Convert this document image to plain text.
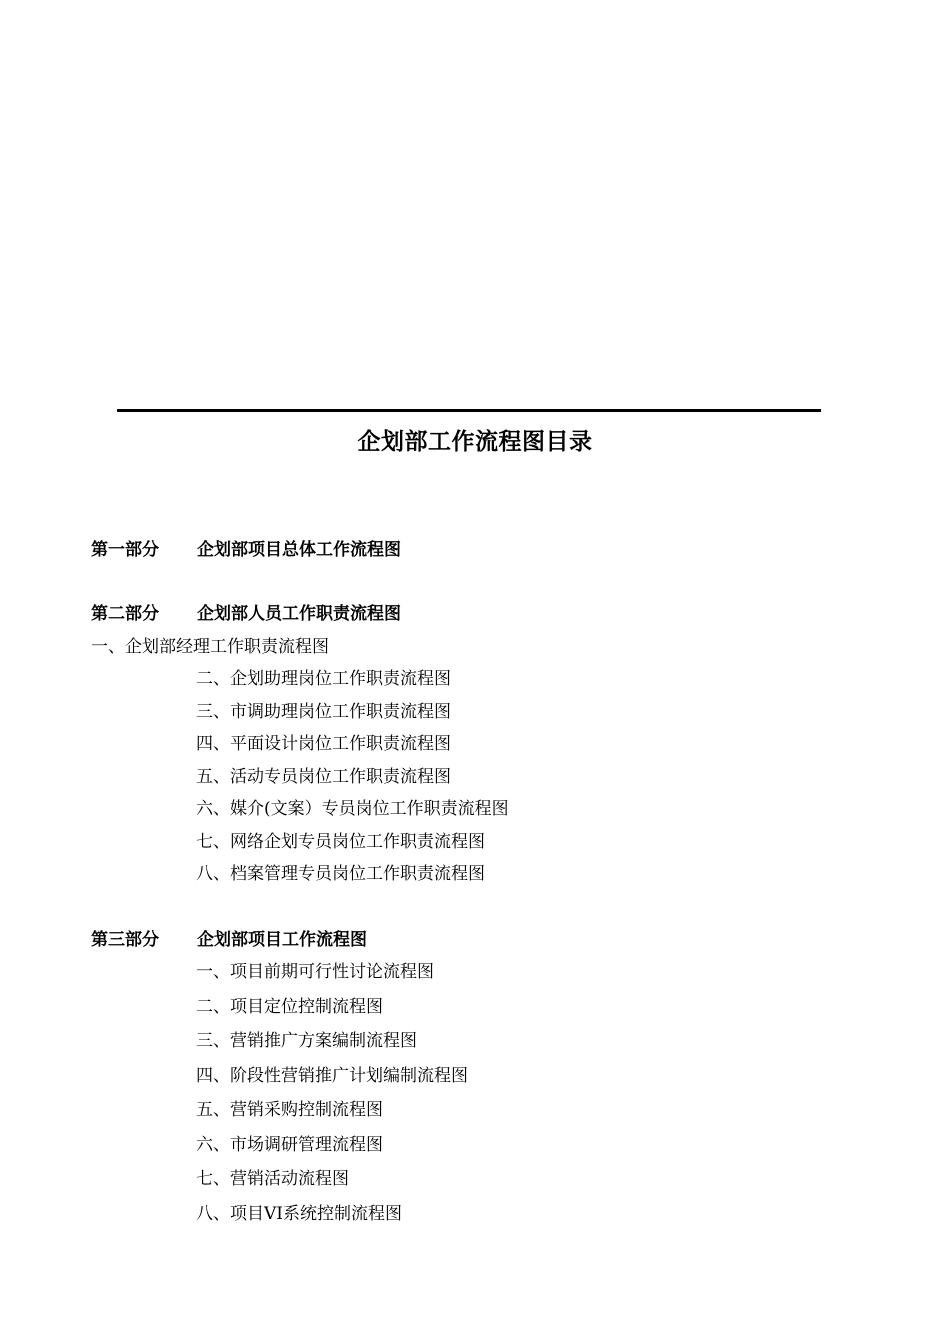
企划部工作流程图目录
第一部分 企划部项目总体工作流程图
第二部分 企划部人员工作职责流程图
一、企划部经理工作职责流程图
二、企划助理岗位工作职责流程图
三、市调助理岗位工作职责流程图
四、平面设计岗位工作职责流程图
五、活动专员岗位工作职责流程图
六、媒介(文案）专员岗位工作职责流程图
七、网络企划专员岗位工作职责流程图
八、档案管理专员岗位工作职责流程图
第三部分 企划部项目工作流程图
一、项目前期可行性讨论流程图
二、项目定位控制流程图
三、营销推广方案编制流程图
四、阶段性营销推广计划编制流程图
五、营销采购控制流程图
六、市场调研管理流程图
七、营销活动流程图
八、项目VI系统控制流程图
